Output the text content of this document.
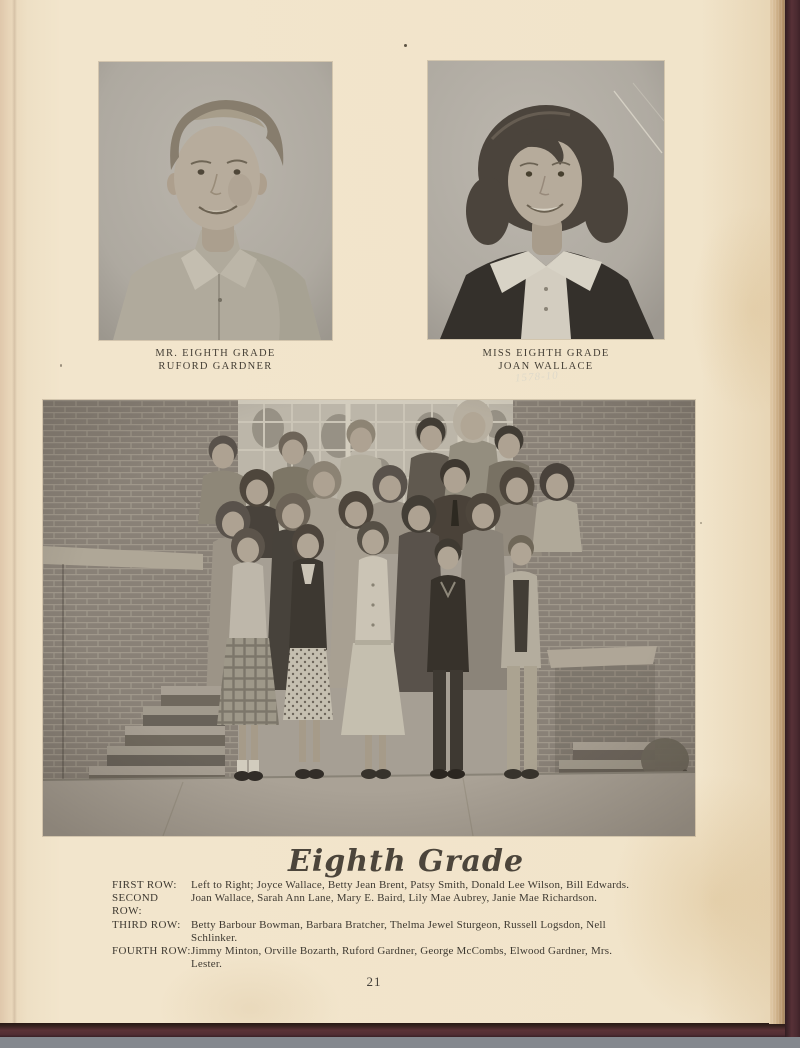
MR. EIGHTH GRADE

RUFORD GARDNER

MISS EIGHTH GRADE

JOAN WALLACE

1578-10
Eighth Grade
FIRST ROW:	Left to Right; Joyce Wallace, Betty Jean Brent, Patsy Smith, Donald Lee Wilson, Bill Edwards.
SECOND ROW:
Joan Wallace, Sarah Ann Lane, Mary E. Baird, Lily Mae Aubrey, Janie Mae Richardson.
THIRD ROW: Betty Barbour Bowman, Barbara Bratcher, Thelma Jewel Sturgeon, Russell Logsdon, Nell Schlinker.
FOURTH ROW: Jimmy Minton, Orville Bozarth, Ruford Gardner, George McCombs, Elwood Gardner, Mrs. Lester.
21
